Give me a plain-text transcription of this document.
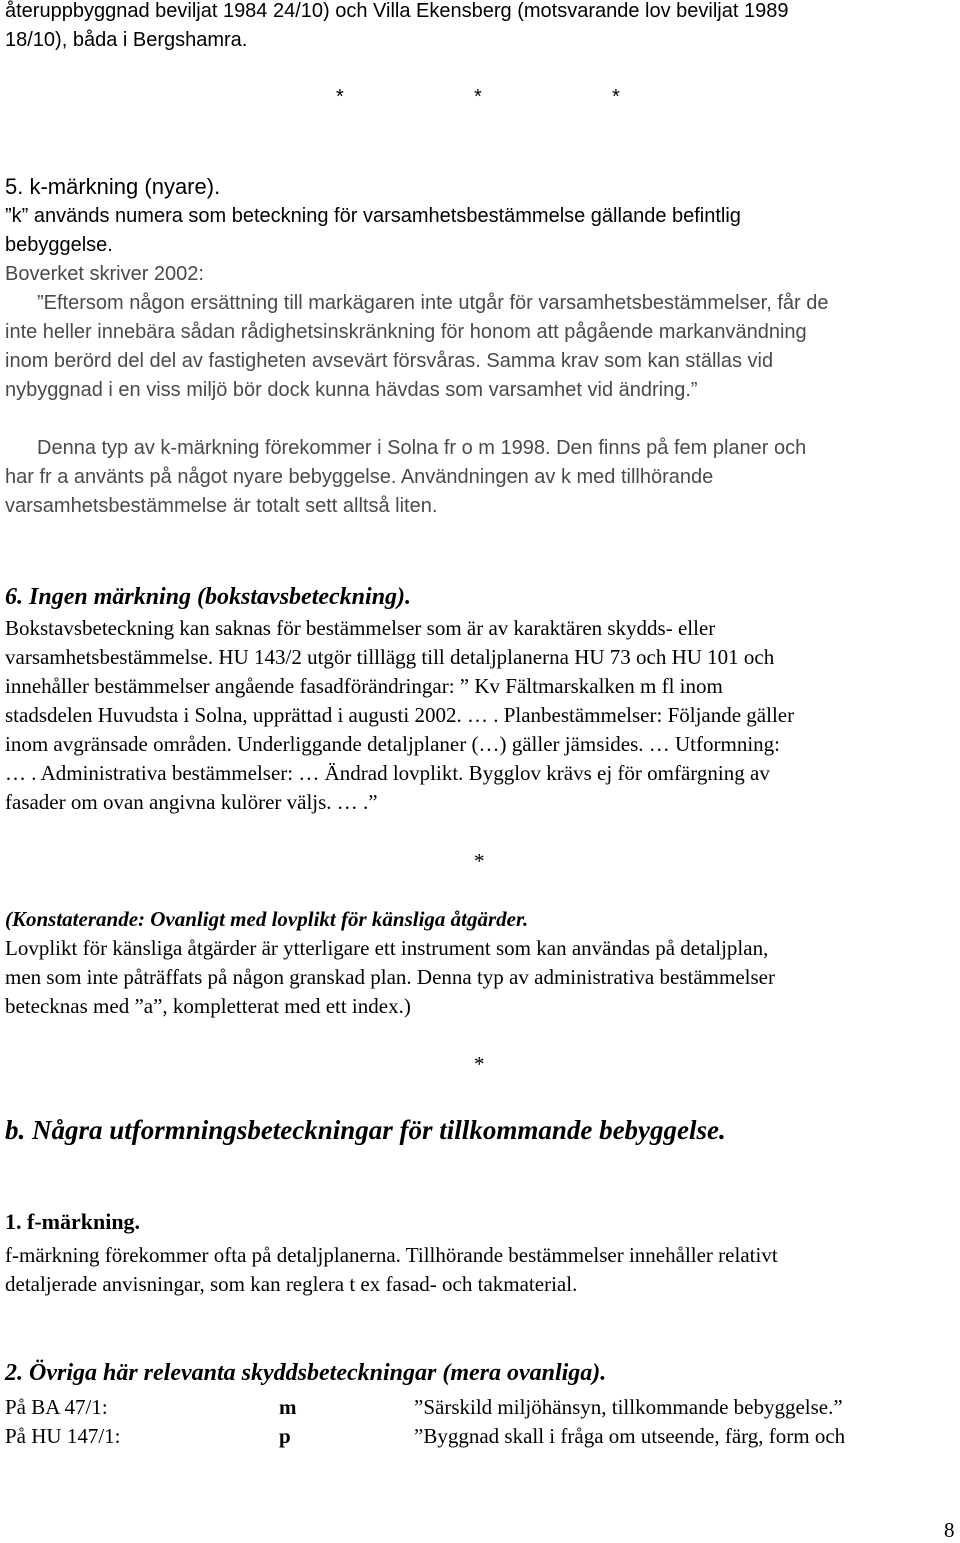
återuppbyggnad beviljat 1984 24/10) och Villa Ekensberg (motsvarande lov beviljat 1989
18/10), båda i Bergshamra.
*	*	*
5. k-märkning (nyare).
”k” används numera som beteckning för varsamhetsbestämmelse gällande befintlig
bebyggelse.
Boverket skriver 2002:
”Eftersom någon ersättning till markägaren inte utgår för varsamhetsbestämmelser, får de
inte heller innebära sådan rådighetsinskränkning för honom att pågående markanvändning
inom berörd del del av fastigheten avsevärt försvåras. Samma krav som kan ställas vid
nybyggnad i en viss miljö bör dock kunna hävdas som varsamhet vid ändring.”
Denna typ av k-märkning förekommer i Solna fr o m 1998. Den finns på fem planer och
har fr a använts på något nyare bebyggelse. Användningen av k med tillhörande
varsamhetsbestämmelse är totalt sett alltså liten.
6. Ingen märkning (bokstavsbeteckning).
Bokstavsbeteckning kan saknas för bestämmelser som är av karaktären skydds- eller
varsamhetsbestämmelse. HU 143/2 utgör tilllägg till detaljplanerna HU 73 och HU 101 och
innehåller bestämmelser angående fasadförändringar: ” Kv Fältmarskalken m fl inom
stadsdelen Huvudsta i Solna, upprättad i augusti 2002. … . Planbestämmelser: Följande gäller
inom avgränsade områden. Underliggande detaljplaner (…) gäller jämsides. … Utformning:
… . Administrativa bestämmelser: … Ändrad lovplikt. Bygglov krävs ej för omfärgning av
fasader om ovan angivna kulörer väljs. … .”
*
(Konstaterande: Ovanligt med lovplikt för känsliga åtgärder.
Lovplikt för känsliga åtgärder är ytterligare ett instrument som kan användas på detaljplan,
men som inte påträffats på någon granskad plan. Denna typ av administrativa bestämmelser
betecknas med ”a”, kompletterat med ett index.)
*
b. Några utformningsbeteckningar för tillkommande bebyggelse.
1. f-märkning.
f-märkning förekommer ofta på detaljplanerna. Tillhörande bestämmelser innehåller relativt
detaljerade anvisningar, som kan reglera t ex fasad- och takmaterial.
2. Övriga här relevanta skyddsbeteckningar (mera ovanliga).
På BA 47/1:	m	”Särskild miljöhänsyn, tillkommande bebyggelse.”
På HU 147/1:	p	”Byggnad skall i fråga om utseende, färg, form och
8
